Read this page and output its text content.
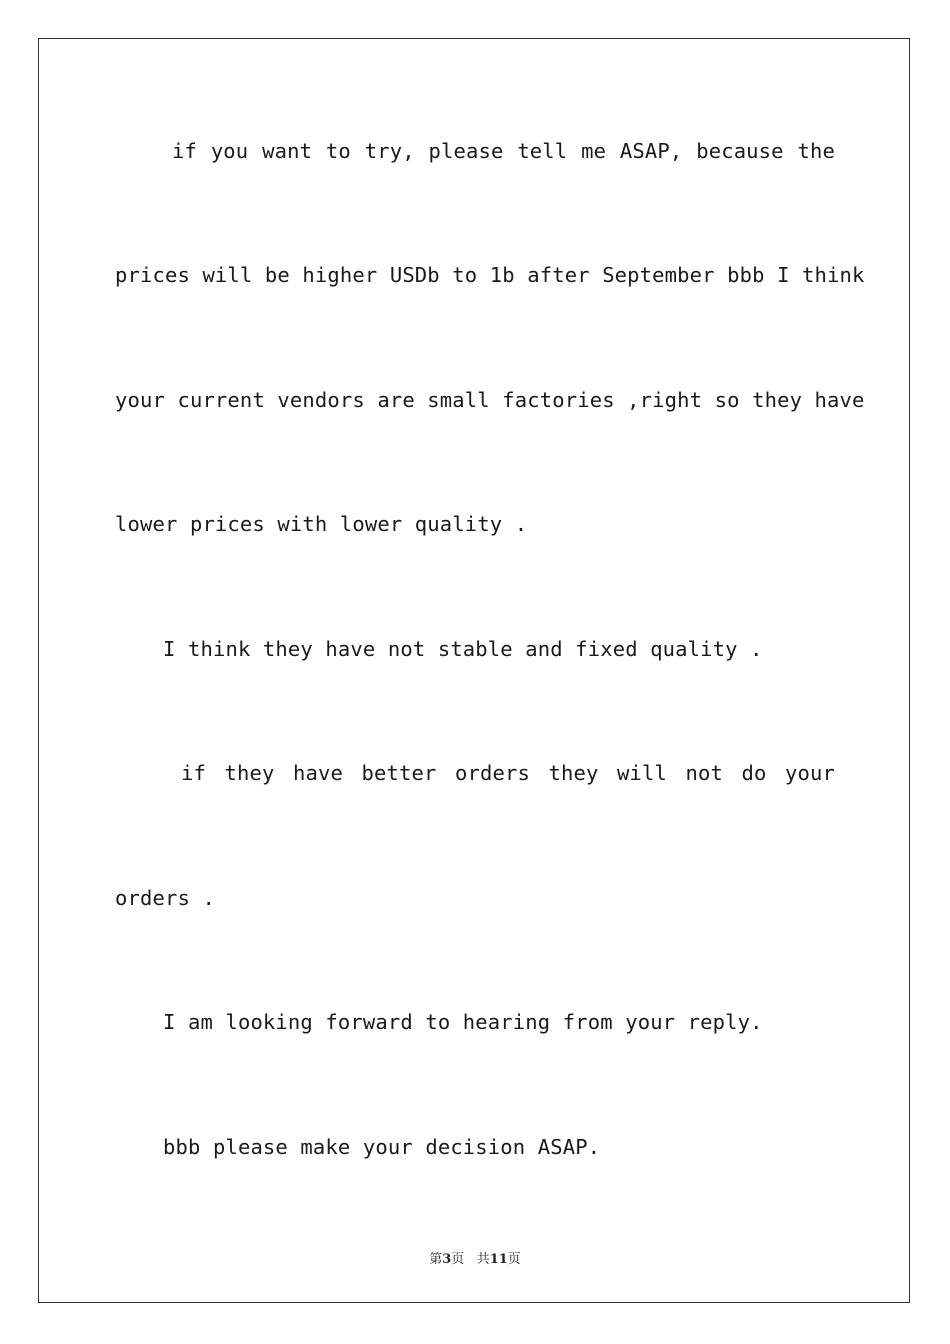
if you want to try, please tell me ASAP, because the
prices will be higher USDb to 1b after September bbb I think
your current vendors are small factories ,right so they have
lower prices with lower quality .
I think they have not stable and fixed quality .
if they have better orders they will not do your
orders .
I am looking forward to hearing from your reply.
bbb please make your decision ASAP.
第3页 共11页
